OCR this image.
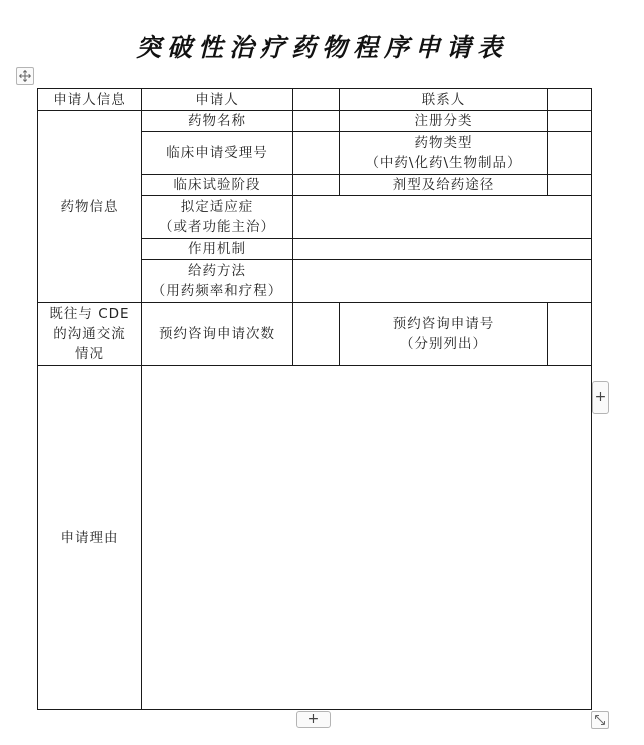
突破性治疗药物程序申请表
申请人信息	申请人		联系人	
药物信息	药物名称		注册分类	
	临床申请受理号		药物类型
（中药\化药\生物制品）	

	临床试验阶段		剂型及给药途径	

	拟定适应症
（或者功能主治）			

	作用机制			

	给药方法
（用药频率和疗程）			

既往与 CDE
的沟通交流
情况	预约咨询申请次数		预约咨询申请号
（分别列出）	

申请理由				
+
+
